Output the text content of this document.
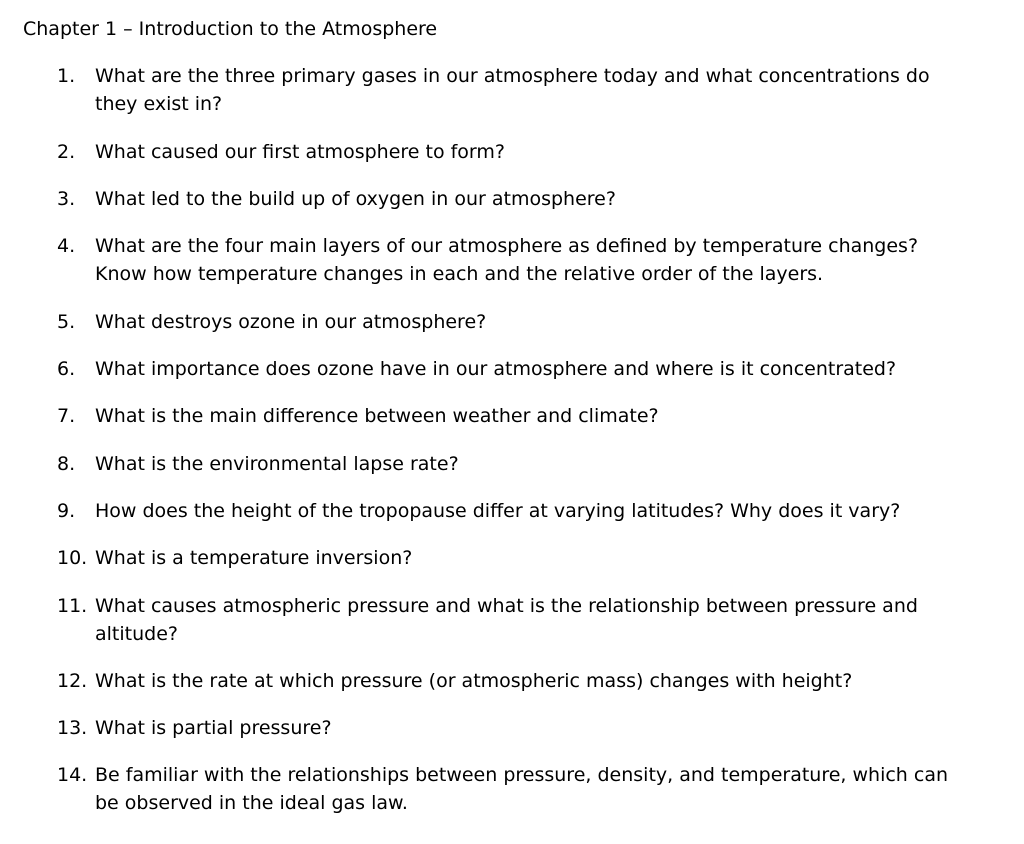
Chapter 1 – Introduction to the Atmosphere
1. What are the three primary gases in our atmosphere today and what concentrations do they exist in?
2. What caused our first atmosphere to form?
3. What led to the build up of oxygen in our atmosphere?
4. What are the four main layers of our atmosphere as defined by temperature changes? Know how temperature changes in each and the relative order of the layers.
5. What destroys ozone in our atmosphere?
6. What importance does ozone have in our atmosphere and where is it concentrated?
7. What is the main difference between weather and climate?
8. What is the environmental lapse rate?
9. How does the height of the tropopause differ at varying latitudes? Why does it vary?
10. What is a temperature inversion?
11. What causes atmospheric pressure and what is the relationship between pressure and altitude?
12. What is the rate at which pressure (or atmospheric mass) changes with height?
13. What is partial pressure?
14. Be familiar with the relationships between pressure, density, and temperature, which can be observed in the ideal gas law.
